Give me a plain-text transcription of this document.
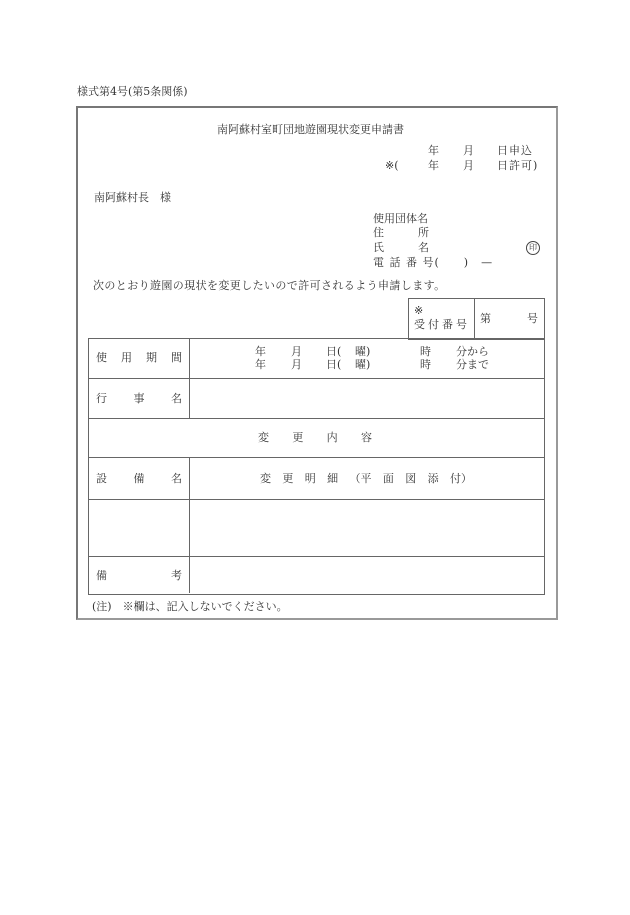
様式第4号(第5条関係)
南阿蘇村室町団地遊園現状変更申請書
年 月 日申込
※(	年 月 日許可)
南阿蘇村長　様
使用団体名
住	所
氏	名	印
電 話 番 号(　　)　—
次のとおり遊園の現状を変更したいので許可されるよう申請します。
※
受付番号 第	号
使 用 期 間	年 月 日( 曜)	時 分から
年 月 日( 曜)	時 分まで
行 事 名
変 更 内 容
設 備 名	変 更 明 細 （平 面 図 添 付）
備	考
(注)　※欄は、記入しないでください。
